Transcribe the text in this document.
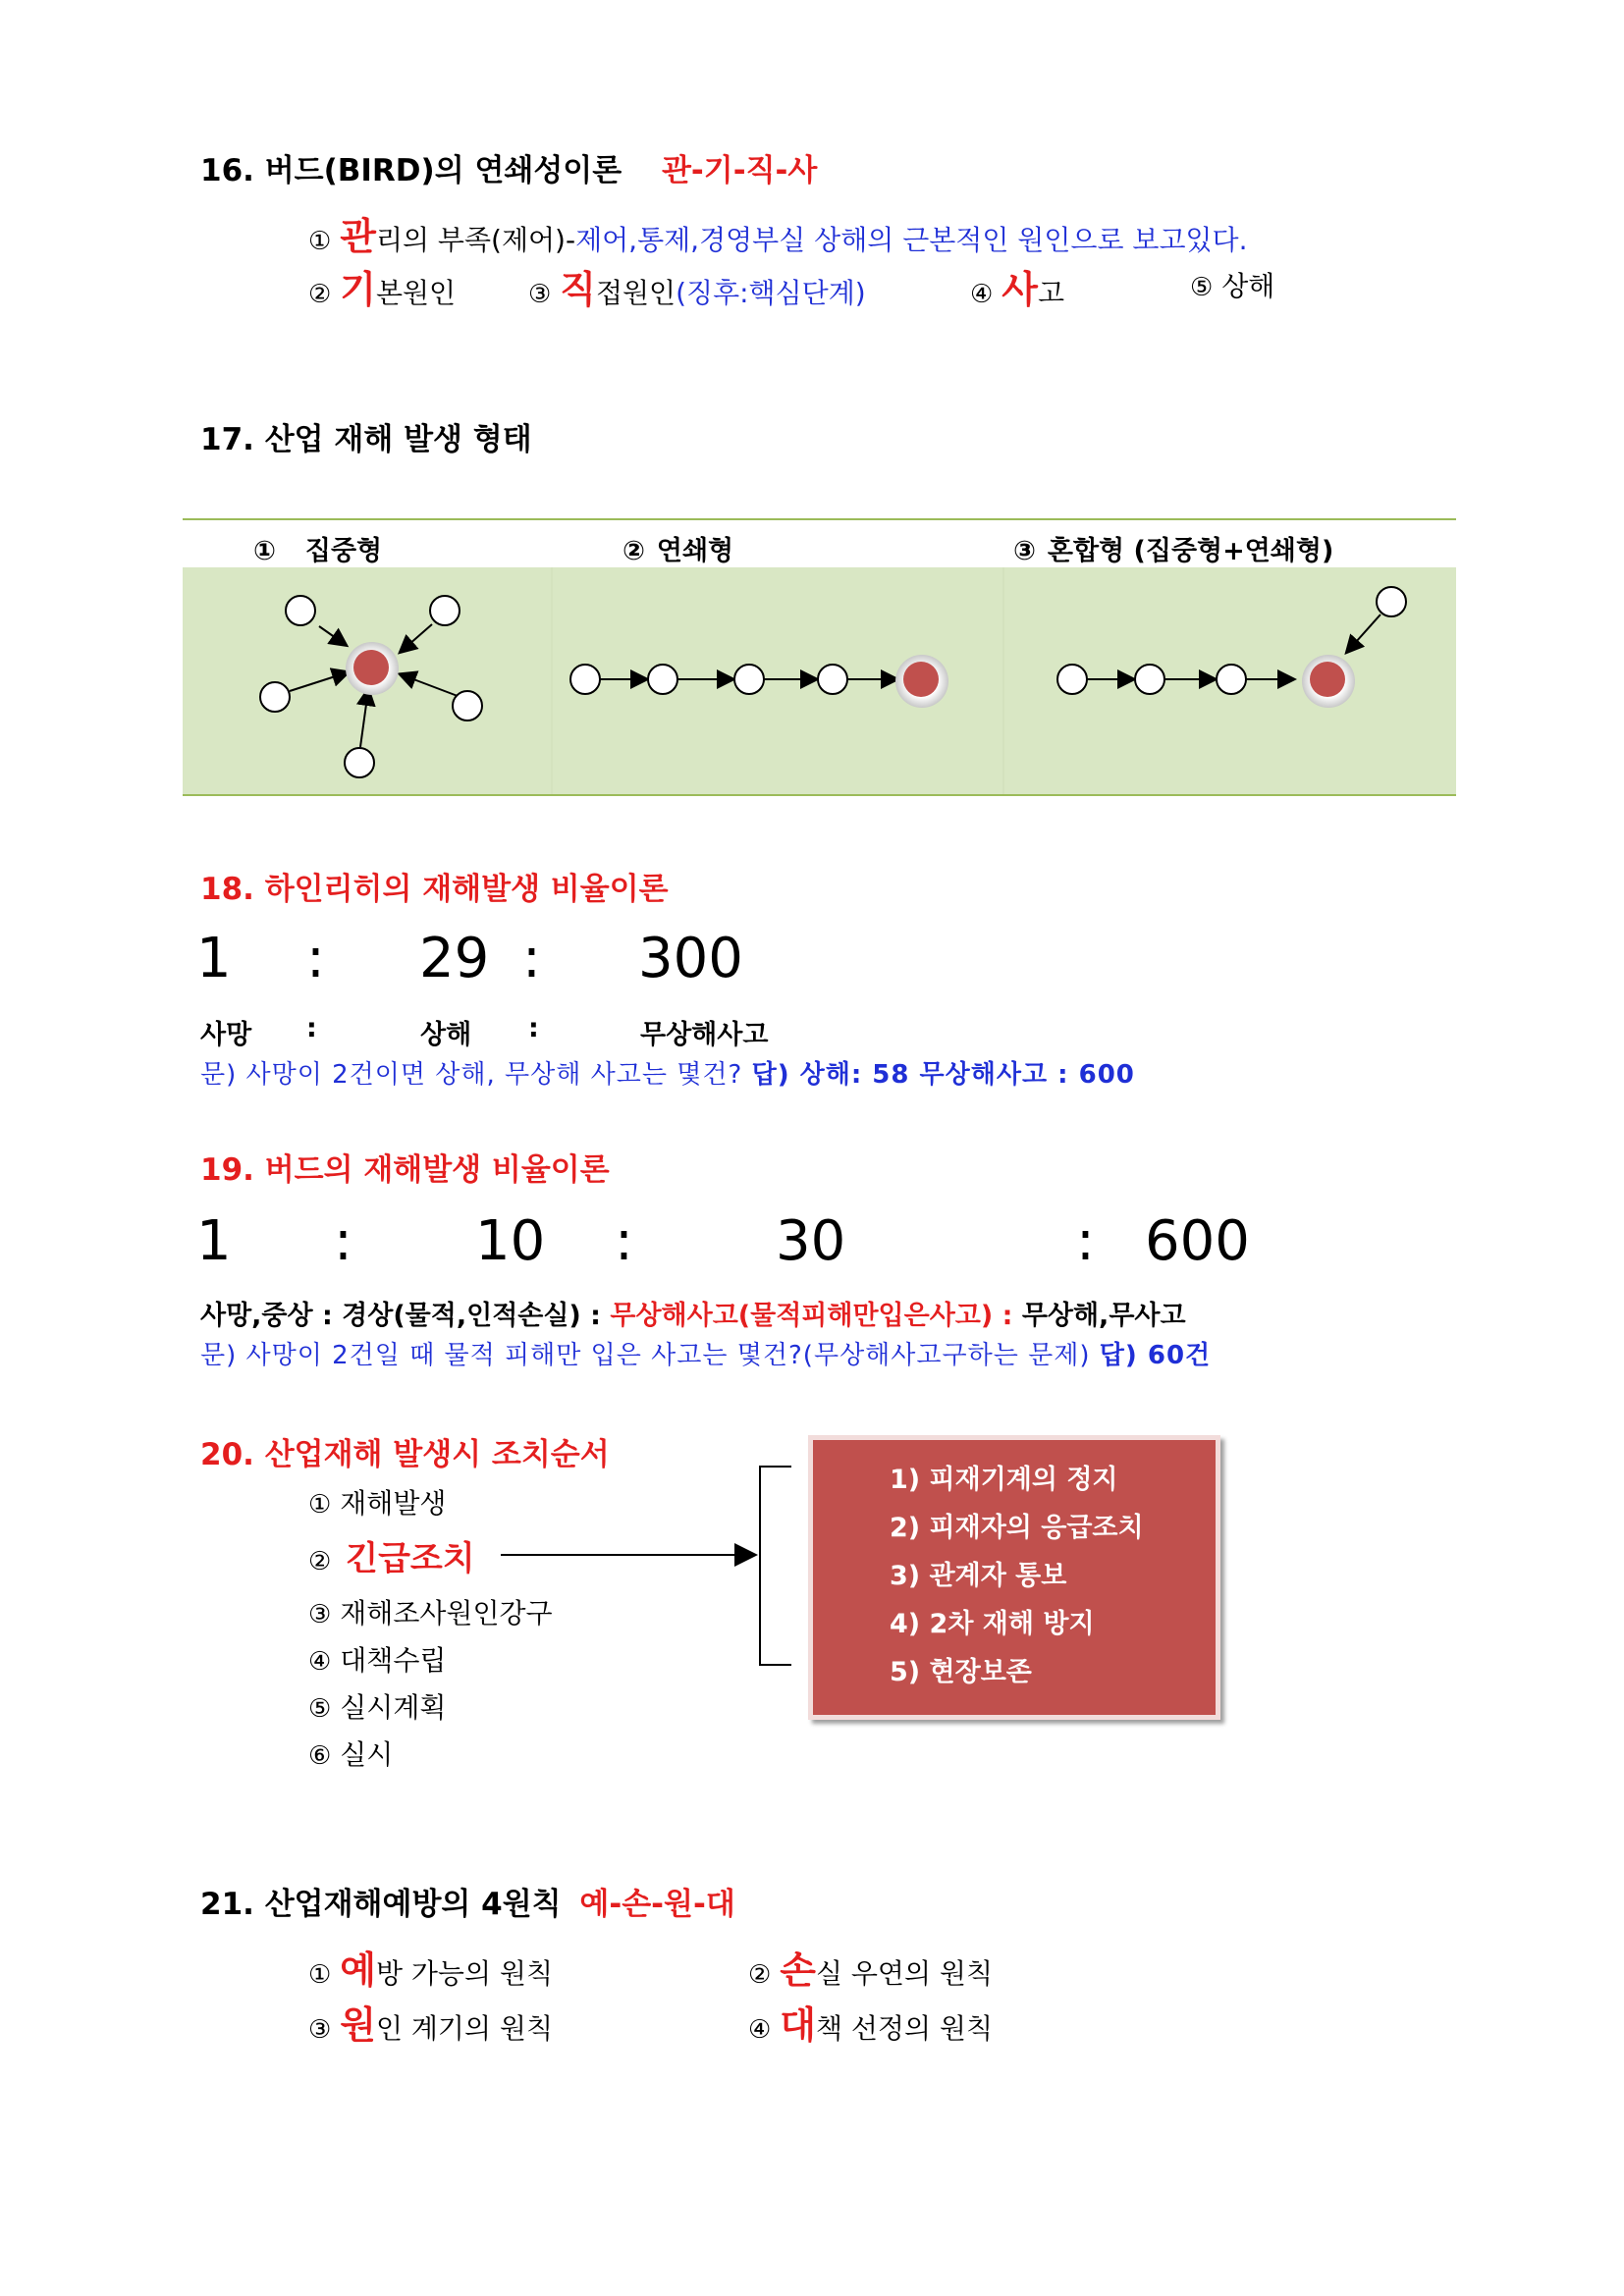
16. 버드(BIRD)의 연쇄성이론 관-기-직-사
① 관리의 부족(제어)-제어,통제,경영부실 상해의 근본적인 원인으로 보고있다.
② 기본원인	③ 직접원인(징후:핵심단계)	④ 사고	⑤ 상해
17. 산업 재해 발생 형태
① 집중형	② 연쇄형	③ 혼합형 (집중형+연쇄형)
18. 하인리히의 재해발생 비율이론
1 : 29 : 300
사망 :	상해 :	무상해사고
문) 사망이 2건이면 상해, 무상해 사고는 몇건? 답) 상해: 58 무상해사고 : 600
19. 버드의 재해발생 비율이론
1 : 10 :	30	: 600
사망,중상 : 경상(물적,인적손실) : 무상해사고(물적피해만입은사고) : 무상해,무사고
문) 사망이 2건일 때 물적 피해만 입은 사고는 몇건?(무상해사고구하는 문제) 답) 60건
20. 산업재해 발생시 조치순서
① 재해발생
② 긴급조치
③ 재해조사원인강구
④ 대책수립
⑤ 실시계획
⑥ 실시
1) 피재기계의 정지
2) 피재자의 응급조치
3) 관계자 통보
4) 2차 재해 방지
5) 현장보존
21. 산업재해예방의 4원칙 예-손-원-대
① 예방 가능의 원칙	② 손실 우연의 원칙
③ 원인 계기의 원칙	④ 대책 선정의 원칙
